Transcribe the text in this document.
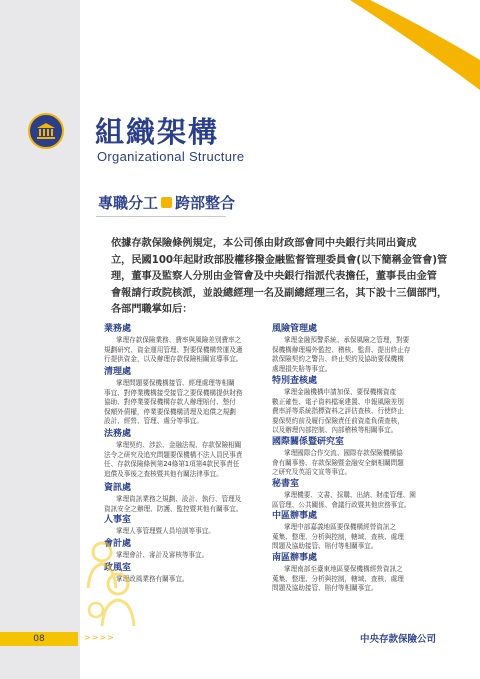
組織架構
Organizational Structure
專職分工 跨部整合
依據存款保險條例規定，本公司係由財政部會同中央銀行共同出資成
立，民國100年起財政部股權移撥金融監督管理委員會(以下簡稱金管會)管
理，董事及監察人分別由金管會及中央銀行指派代表擔任，董事長由金管
會報請行政院核派，並設總經理一名及副總經理三名，其下設十三個部門，
各部門職掌如后：
業務處
掌理存款保險業務、費率與風險差別費率之
規劃研究、資金運用管理、對要保機構營運及適
行提供資金，以及辦理存款保險相關宣導事宜。
清理處
掌理問題要保機構接管、經理處理等相關
事宜、對停業機構接受接管之要保機構提供財務
協助、對停業要保機構存款人辦理賠付、墊付
保額外債權，停業要保機構清理及追償之規劃
設計、經營、管理、處分等事宜。
法務處
掌理契約、涉訟、金融法規、存款保險相關
法令之研究及追究問題要保機構不法人員民事責
任、存款保險條例第24條第1項第4款民事責任
追償及事後之查核暨其他有關法律事宜。
資訊處
掌理資訊業務之規劃、設計、執行、管理及
資訊安全之辦理、防護、監控暨其他有關事宜。
人事室
掌理人事管理暨人員培訓等事宜。
會計處
掌理會計、審計及審核等事宜。
政風室
掌理政風業務有關事宜。
風險管理處
掌理金融預警系統、承保風險之管理，對要
保機構辦理場外監控、稽核、監督、提出終止存
款保險契約之警告、終止契約及協助要保機構
處理損失賠等事宜。
特別查核處
掌理金融機構申請加保、要保機構資產
數正確性、電子資料檔案建置、申報風險差別
費率評等系統指標資料之評估查核、行使終止
要保契約前及履行保險責任前資產負債查核，
以及辦理內部控制、內部稽核等相關事宜。
國際關係暨研究室
掌理國際合作交流、國際存款保險機構協
會有關事務、存款保險暨金融安全網相關問題
之研究及英語文宣等事宜。
秘書室
掌理機要、文書、採購、出納、財產管理、園
區管理、公共關係、會議行政暨其他庶務事宜。
中區辦事處
掌理中部嘉義地區要保機構經營資訊之
蒐集、整理、分析與控制，轄域、查核、處理
問題及協助接管、賠付等相關事宜。
南區辦事處
掌理南部至臺東地區要保機構經營資訊之
蒐集、整理、分析與控制，轄域、查核、處理
問題及協助接管、賠付等相關事宜。
08	>>>>	中央存款保險公司
